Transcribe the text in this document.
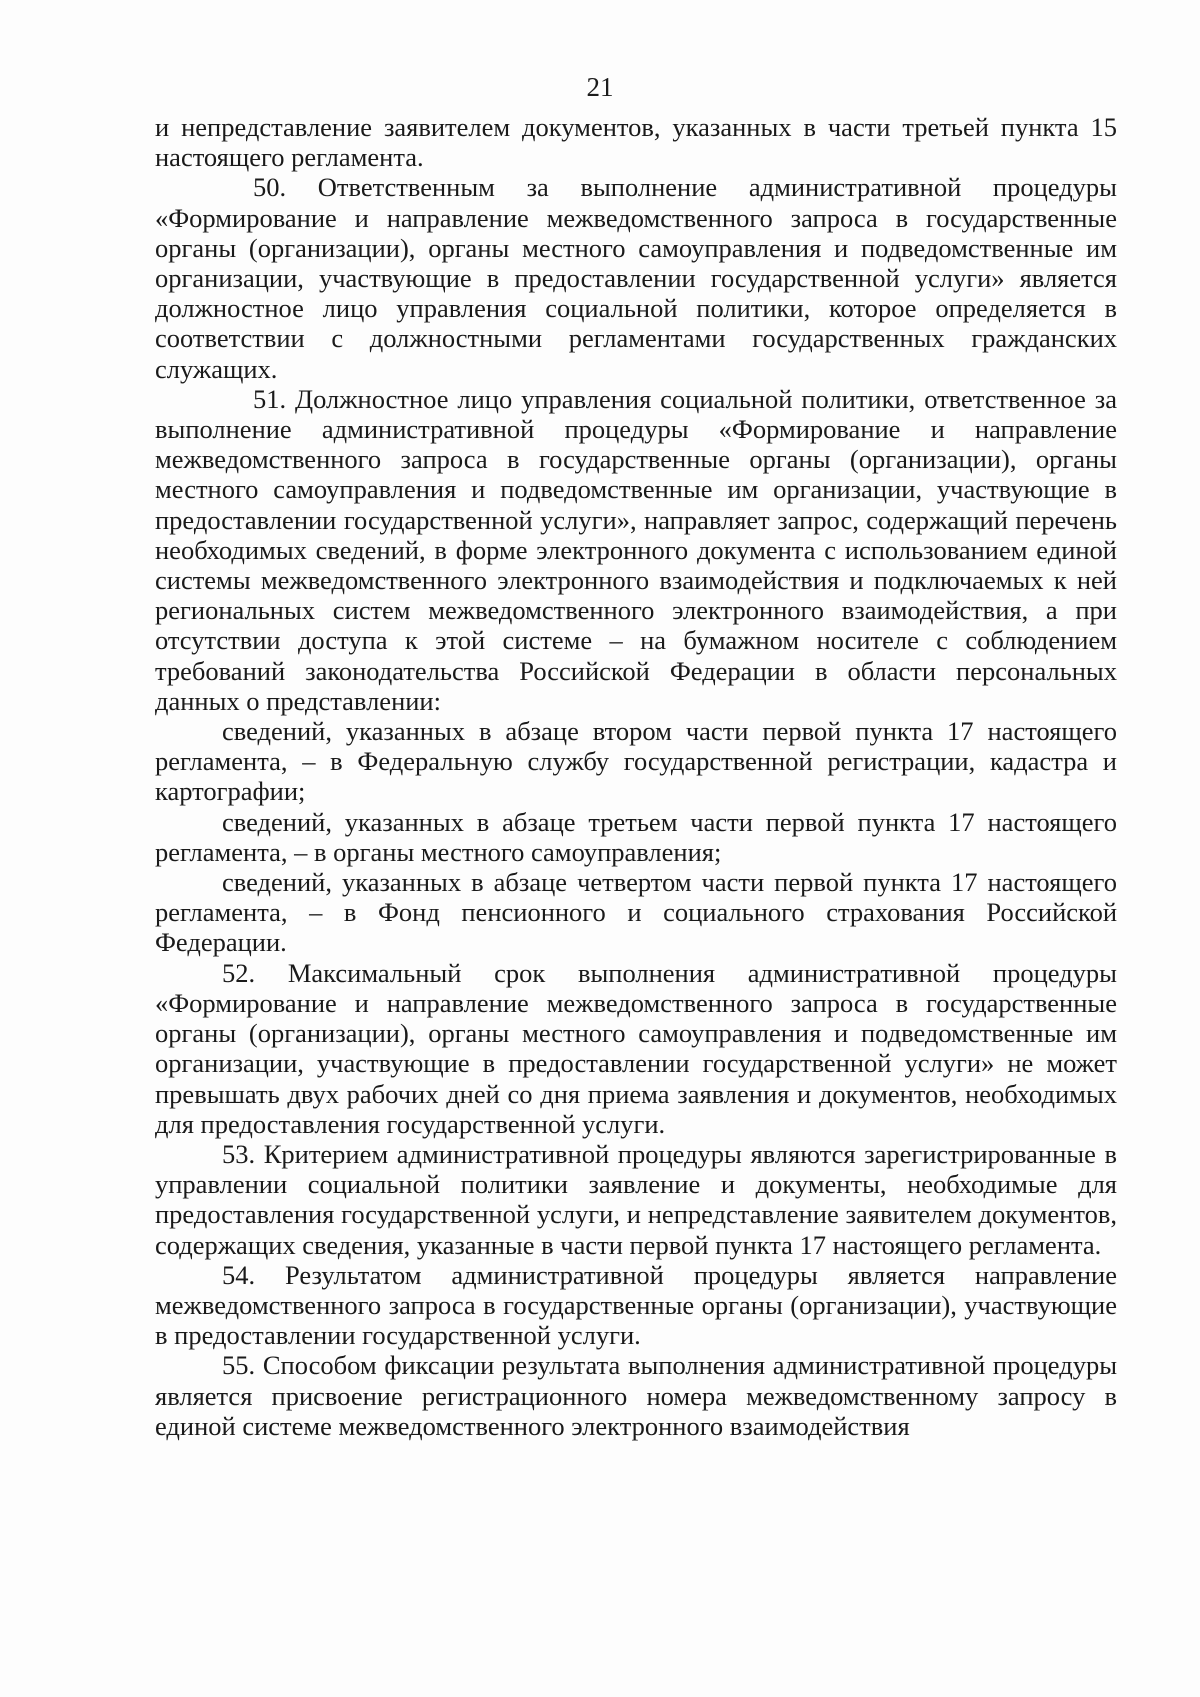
21

и непредставление заявителем документов, указанных в части третьей пункта 15 настоящего регламента.

50. Ответственным за выполнение административной процедуры «Формирование и направление межведомственного запроса в государственные органы (организации), органы местного самоуправления и подведомственные им организации, участвующие в предоставлении государственной услуги» является должностное лицо управления социальной политики, которое определяется в соответствии с должностными регламентами государственных гражданских служащих.

51. Должностное лицо управления социальной политики, ответственное за выполнение административной процедуры «Формирование и направление межведомственного запроса в государственные органы (организации), органы местного самоуправления и подведомственные им организации, участвующие в предоставлении государственной услуги», направляет запрос, содержащий перечень необходимых сведений, в форме электронного документа с использованием единой системы межведомственного электронного взаимодействия и подключаемых к ней региональных систем межведомственного электронного взаимодействия, а при отсутствии доступа к этой системе – на бумажном носителе с соблюдением требований законодательства Российской Федерации в области персональных данных о представлении:

сведений, указанных в абзаце втором части первой пункта 17 настоящего регламента, – в Федеральную службу государственной регистрации, кадастра и картографии;

сведений, указанных в абзаце третьем части первой пункта 17 настоящего регламента, – в органы местного самоуправления;

сведений, указанных в абзаце четвертом части первой пункта 17 настоящего регламента, – в Фонд пенсионного и социального страхования Российской Федерации.

52. Максимальный срок выполнения административной процедуры «Формирование и направление межведомственного запроса в государственные органы (организации), органы местного самоуправления и подведомственные им организации, участвующие в предоставлении государственной услуги» не может превышать двух рабочих дней со дня приема заявления и документов, необходимых для предоставления государственной услуги.

53. Критерием административной процедуры являются зарегистрированные в управлении социальной политики заявление и документы, необходимые для предоставления государственной услуги, и непредставление заявителем документов, содержащих сведения, указанные в части первой пункта 17 настоящего регламента.

54. Результатом административной процедуры является направление межведомственного запроса в государственные органы (организации), участвующие в предоставлении государственной услуги.

55. Способом фиксации результата выполнения административной процедуры является присвоение регистрационного номера межведомственному запросу в единой системе межведомственного электронного взаимодействия
